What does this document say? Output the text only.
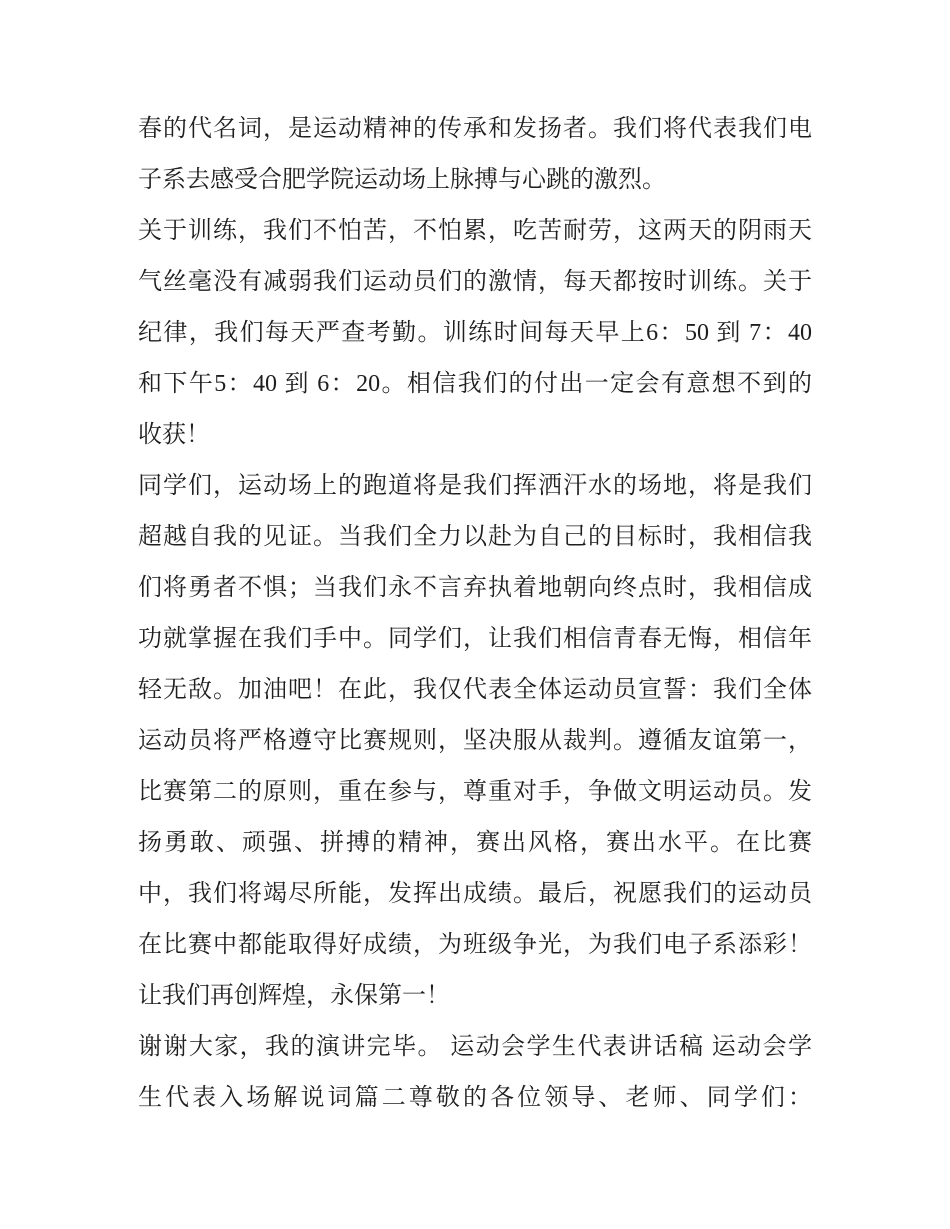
春的代名词，是运动精神的传承和发扬者。我们将代表我们电
子系去感受合肥学院运动场上脉搏与心跳的激烈。
关于训练，我们不怕苦，不怕累，吃苦耐劳，这两天的阴雨天
气丝毫没有减弱我们运动员们的激情，每天都按时训练。关于
纪律，我们每天严查考勤。训练时间每天早上6：50 到 7：40
和下午5：40 到 6：20。相信我们的付出一定会有意想不到的
收获！
同学们，运动场上的跑道将是我们挥洒汗水的场地，将是我们
超越自我的见证。当我们全力以赴为自己的目标时，我相信我
们将勇者不惧；当我们永不言弃执着地朝向终点时，我相信成
功就掌握在我们手中。同学们，让我们相信青春无悔，相信年
轻无敌。加油吧！在此，我仅代表全体运动员宣誓：我们全体
运动员将严格遵守比赛规则，坚决服从裁判。遵循友谊第一，
比赛第二的原则，重在参与，尊重对手，争做文明运动员。发
扬勇敢、顽强、拼搏的精神，赛出风格，赛出水平。在比赛
中，我们将竭尽所能，发挥出成绩。最后，祝愿我们的运动员
在比赛中都能取得好成绩，为班级争光，为我们电子系添彩！
让我们再创辉煌，永保第一！
谢谢大家，我的演讲完毕。 运动会学生代表讲话稿 运动会学
生代表入场解说词篇二尊敬的各位领导、老师、同学们：
